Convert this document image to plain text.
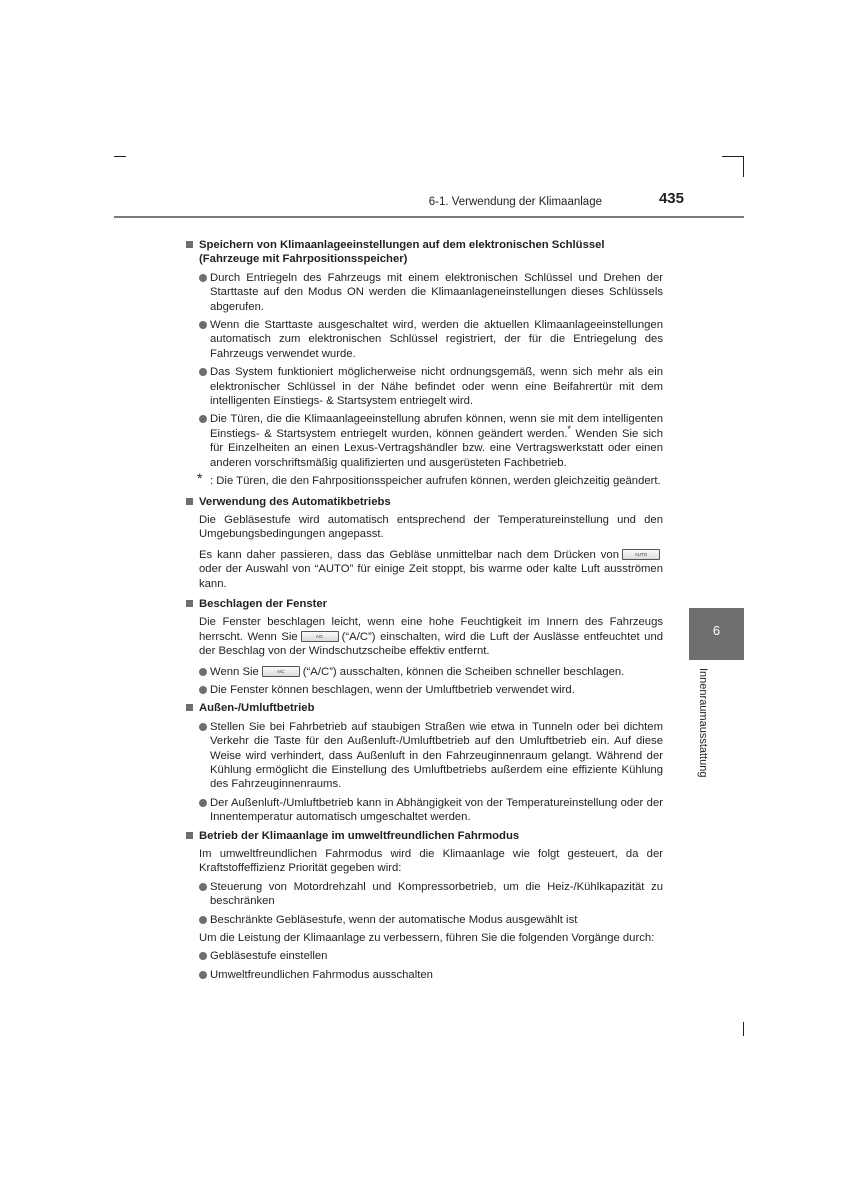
6-1. Verwendung der Klimaanlage	435
6
Innenraumausstattung
Speichern von Klimaanlageeinstellungen auf dem elektronischen Schlüssel (Fahrzeuge mit Fahrpositionsspeicher)
Durch Entriegeln des Fahrzeugs mit einem elektronischen Schlüssel und Drehen der Starttaste auf den Modus ON werden die Klimaanlageneinstellungen dieses Schlüssels abgerufen.
Wenn die Starttaste ausgeschaltet wird, werden die aktuellen Klimaanlageeinstellungen automatisch zum elektronischen Schlüssel registriert, der für die Entriegelung des Fahrzeugs verwendet wurde.
Das System funktioniert möglicherweise nicht ordnungsgemäß, wenn sich mehr als ein elektronischer Schlüssel in der Nähe befindet oder wenn eine Beifahrertür mit dem intelligenten Einstiegs- & Startsystem entriegelt wird.
Die Türen, die die Klimaanlageeinstellung abrufen können, wenn sie mit dem intelligenten Einstiegs- & Startsystem entriegelt wurden, können geändert werden.* Wenden Sie sich für Einzelheiten an einen Lexus-Vertragshändler bzw. eine Vertragswerkstatt oder einen anderen vorschriftsmäßig qualifizierten und ausgerüsteten Fachbetrieb.
* : Die Türen, die den Fahrpositionsspeicher aufrufen können, werden gleichzeitig geändert.
Verwendung des Automatikbetriebs
Die Gebläsestufe wird automatisch entsprechend der Temperatureinstellung und den Umgebungsbedingungen angepasst.
Es kann daher passieren, dass das Gebläse unmittelbar nach dem Drücken von	AUTOoder der Auswahl von “AUTO” für einige Zeit stoppt, bis warme oder kalte Luft ausströmen kann.
Beschlagen der Fenster
Die Fenster beschlagen leicht, wenn eine hohe Feuchtigkeit im Innern des Fahrzeugs herrscht. Wenn Sie	A/C (“A/C”) einschalten, wird die Luft der Auslässe entfeuchtet und der Beschlag von der Windschutzscheibe effektiv entfernt.
Wenn Sie	A/C (“A/C”) ausschalten, können die Scheiben schneller beschlagen.
Die Fenster können beschlagen, wenn der Umluftbetrieb verwendet wird.
Außen-/Umluftbetrieb
Stellen Sie bei Fahrbetrieb auf staubigen Straßen wie etwa in Tunneln oder bei dichtem Verkehr die Taste für den Außenluft-/Umluftbetrieb auf den Umluftbetrieb ein. Auf diese Weise wird verhindert, dass Außenluft in den Fahrzeuginnenraum gelangt. Während der Kühlung ermöglicht die Einstellung des Umluftbetriebs außerdem eine effiziente Kühlung des Fahrzeuginnenraums.
Der Außenluft-/Umluftbetrieb kann in Abhängigkeit von der Temperatureinstellung oder der Innentemperatur automatisch umgeschaltet werden.
Betrieb der Klimaanlage im umweltfreundlichen Fahrmodus
Im umweltfreundlichen Fahrmodus wird die Klimaanlage wie folgt gesteuert, da der Kraftstoffeffizienz Priorität gegeben wird:
Steuerung von Motordrehzahl und Kompressorbetrieb, um die Heiz-/Kühlkapazität zu beschränken
Beschränkte Gebläsestufe, wenn der automatische Modus ausgewählt ist
Um die Leistung der Klimaanlage zu verbessern, führen Sie die folgenden Vorgänge durch:
Gebläsestufe einstellen
Umweltfreundlichen Fahrmodus ausschalten
